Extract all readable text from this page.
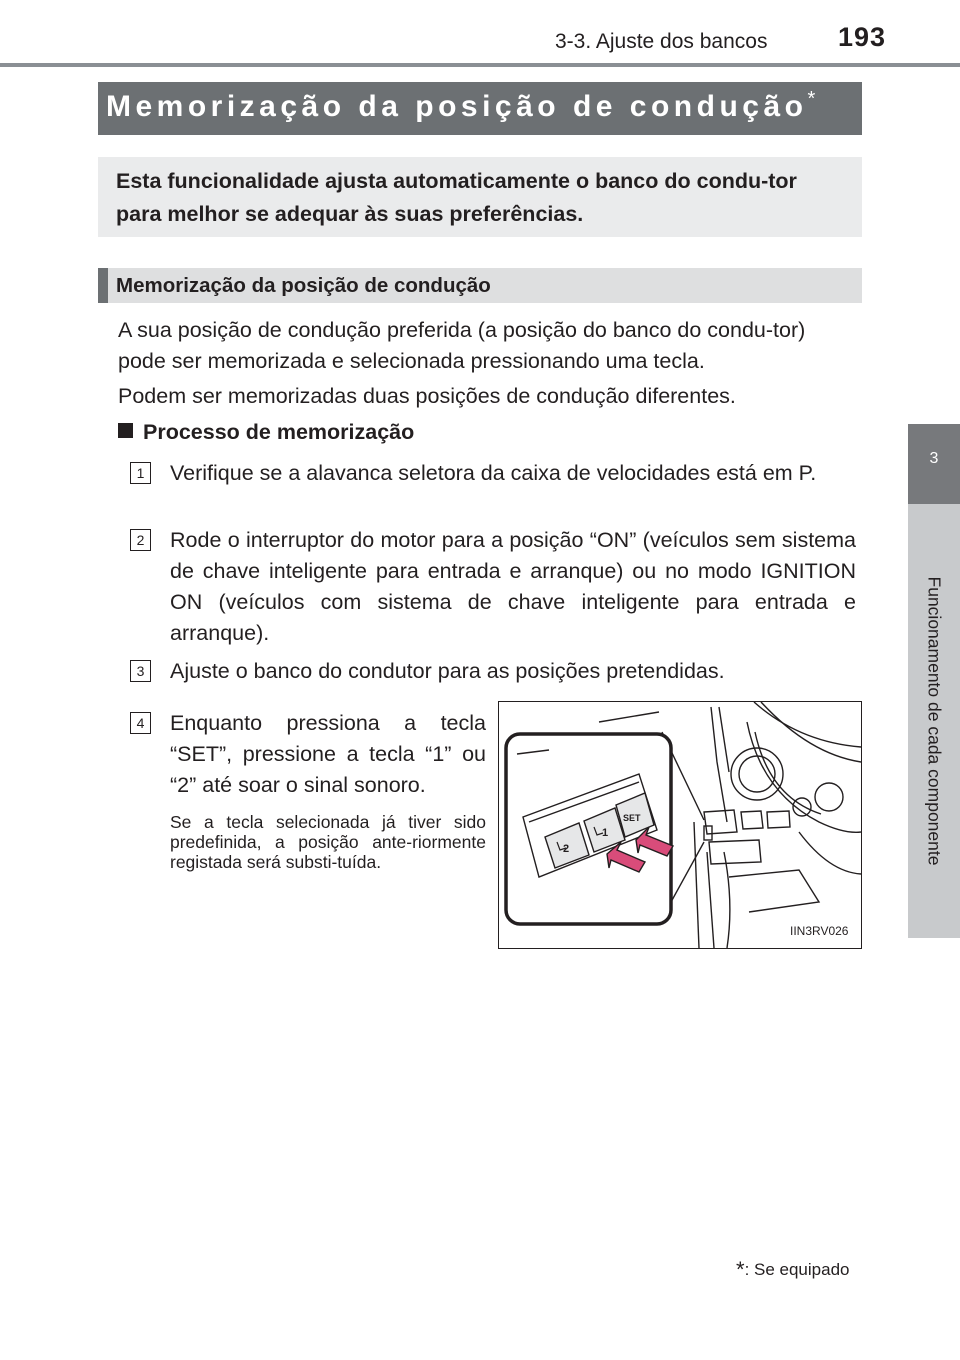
3-3. Ajuste dos bancos	193
3
Funcionamento de cada componente
Memorização da posição de condução*
Esta funcionalidade ajusta automaticamente o banco do condu-tor para melhor se adequar às suas preferências.
Memorização da posição de condução
A sua posição de condução preferida (a posição do banco do condu-tor) pode ser memorizada e selecionada pressionando uma tecla.
Podem ser memorizadas duas posições de condução diferentes.
Processo de memorização
1	Verifique se a alavanca seletora da caixa de velocidades está em P.
2	Rode o interruptor do motor para a posição “ON” (veículos sem sistema de chave inteligente para entrada e arranque) ou no modo IGNITION ON (veículos com sistema de chave inteligente para entrada e arranque).
3	Ajuste o banco do condutor para as posições pretendidas.
4	Enquanto pressiona a tecla “SET”, pressione a tecla “1” ou “2” até soar o sinal sonoro.
Se a tecla selecionada já tiver sido predefinida, a posição ante-riormente registada será substi-tuída.
2
1
SET
IIN3RV026
*: Se equipado
